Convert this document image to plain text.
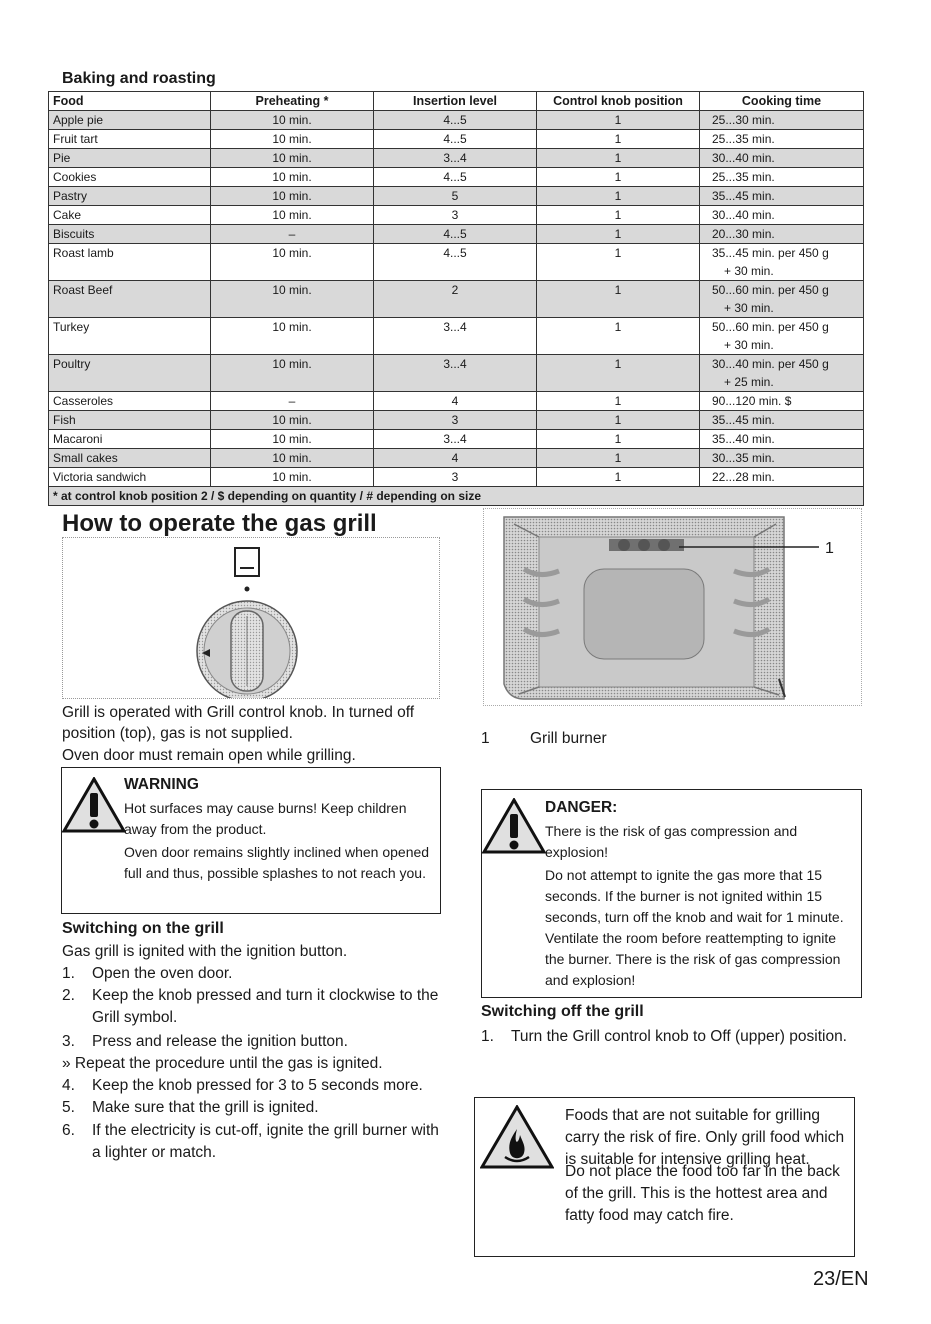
Baking and roasting
Food	Preheating *	Insertion level	Control knob position	Cooking time

Apple pie	10 min.	4...5	1	25...30 min.

Fruit tart	10 min.	4...5	1	25...35 min.

Pie	10 min.	3...4	1	30...40 min.

Cookies	10 min.	4...5	1	25...35 min.

Pastry	10 min.	5	1	35...45 min.

Cake	10 min.	3	1	30...40 min.

Biscuits	–	4...5	1	20...30 min.

Roast lamb	10 min.	4...5	1	35...45 min. per 450 g
+ 30 min.

Roast Beef	10 min.	2	1	50...60 min. per 450 g
+ 30 min.

Turkey	10 min.	3...4	1	50...60 min. per 450 g
+ 30 min.

Poultry	10 min.	3...4	1	30...40 min. per 450 g
+ 25 min.

Casseroles	–	4	1	90...120 min. $

Fish	10 min.	3	1	35...45 min.

Macaroni	10 min.	3...4	1	35...40 min.

Small cakes	10 min.	4	1	30...35 min.

Victoria sandwich	10 min.	3	1	22...28 min.

* at control knob position 2 / $ depending on quantity / # depending on size				
How to operate the gas grill
1
Grill is operated with Grill control knob. In turned off
position (top), gas is not supplied.
Oven door must remain open while grilling.
1	Grill burner
WARNING
Hot surfaces may cause burns! Keep children
away from the product.
Oven door remains slightly inclined when opened full and thus, possible splashes to not reach you.
Switching on the grill
Gas grill is ignited with the ignition button.
1. Open the oven door.
2. Keep the knob pressed and turn it clockwise to the Grill symbol.
3. Press and release the ignition button.
» Repeat the procedure until the gas is ignited.
4. Keep the knob pressed for 3 to 5 seconds more.
5. Make sure that the grill is ignited.
6. If the electricity is cut-off, ignite the grill burner with a lighter or match.
DANGER:
There is the risk of gas compression and
explosion!
Do not attempt to ignite the gas more that 15 seconds. If the burner is not ignited within 15 seconds, turn off the knob and wait for 1 minute. Ventilate the room before reattempting to ignite the burner. There is the risk of gas compression and explosion!
Switching off the grill
1. Turn the Grill control knob to Off (upper) position.
Foods that are not suitable for grilling carry the risk of fire. Only grill food which is suitable for intensive grilling heat.
Do not place the food too far in the back of the grill. This is the hottest area and fatty food may catch fire.
23/EN
